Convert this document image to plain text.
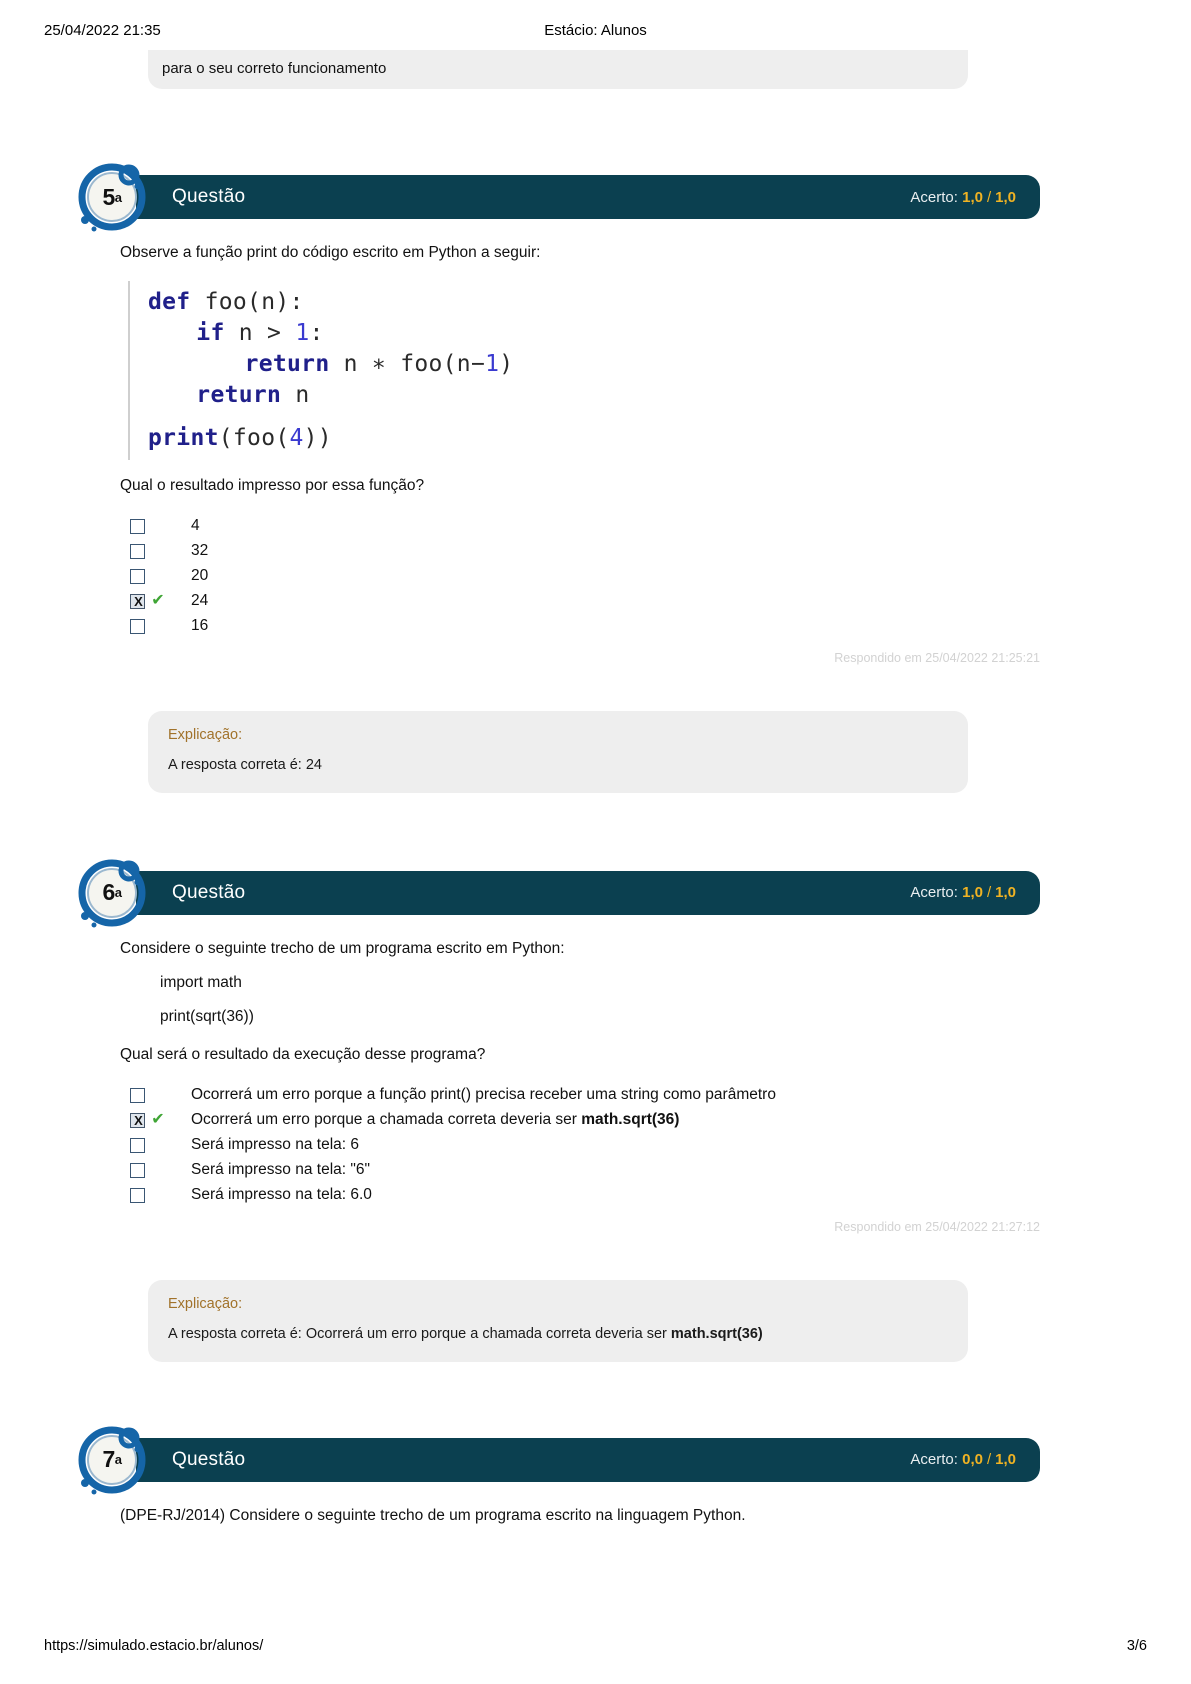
25/04/2022 21:35	Estácio: Alunos
para o seu correto funcionamento
5 a	Questão	Acerto: 1,0 / 1,0

Observe a função print do código escrito em Python a seguir:

def foo(n):
if n > 1:
return n ∗ foo(n−1)
return n
print(foo(4))

Qual o resultado impresso por essa função?

4
32
20
X
✔ 24
16
Respondido em 25/04/2022 21:25:21
Explicação:
A resposta correta é: 24
6 a	Questão	Acerto: 1,0 / 1,0

Considere o seguinte trecho de um programa escrito em Python:

import math

print(sqrt(36))

Qual será o resultado da execução desse programa?

Ocorrerá um erro porque a função print() precisa receber uma string como parâmetro
X
✔ Ocorrerá um erro porque a chamada correta deveria ser math.sqrt(36)
Será impresso na tela: 6
Será impresso na tela: "6"
Será impresso na tela: 6.0
Respondido em 25/04/2022 21:27:12
Explicação:
A resposta correta é: Ocorrerá um erro porque a chamada correta deveria ser math.sqrt(36)
7 a	Questão	Acerto: 0,0 / 1,0

(DPE-RJ/2014) Considere o seguinte trecho de um programa escrito na linguagem Python.

https://simulado.estacio.br/alunos/	3/6
